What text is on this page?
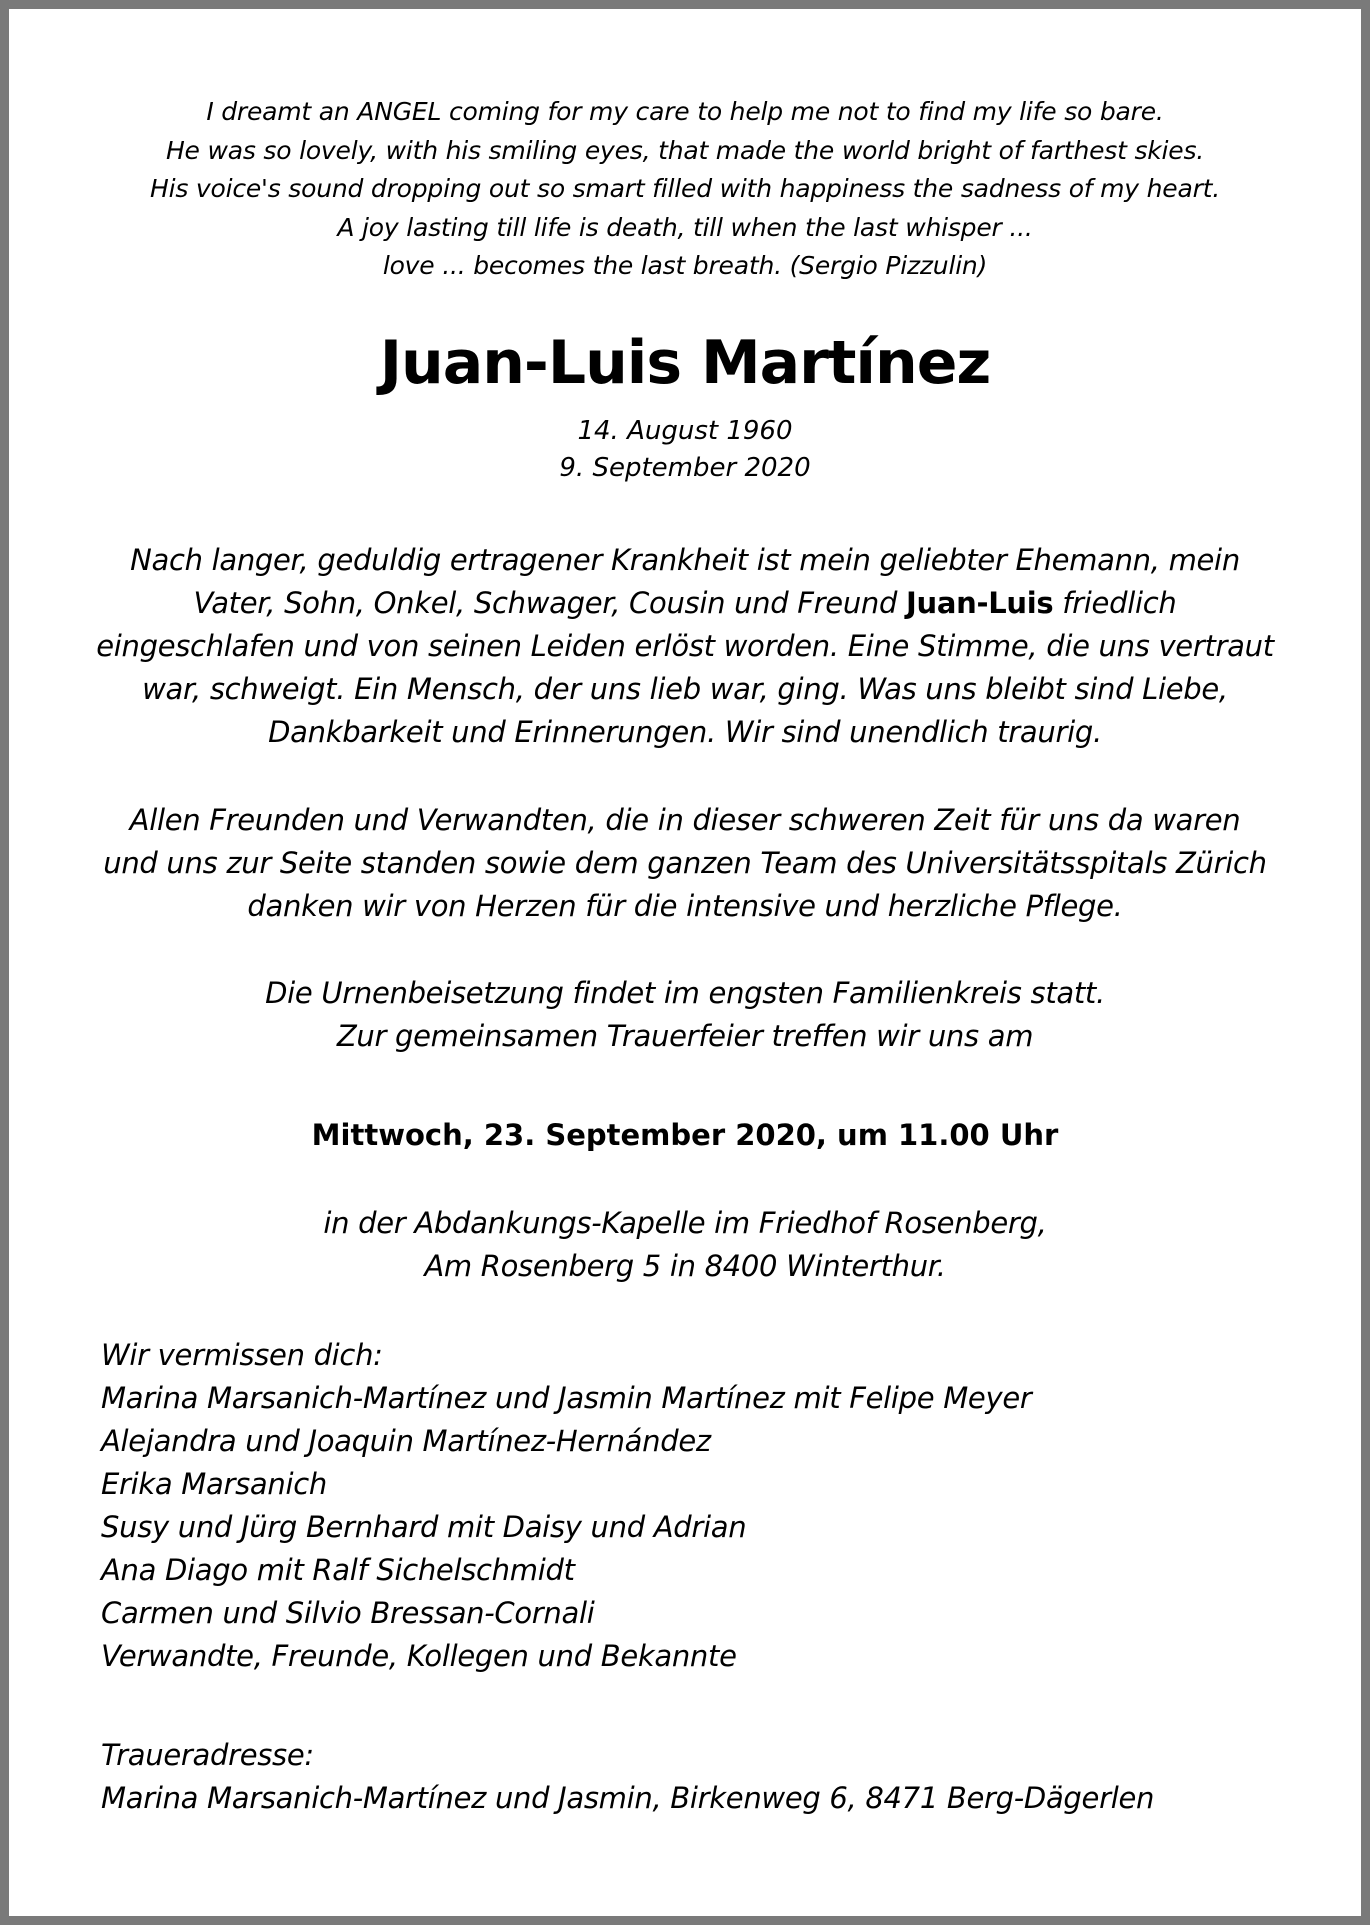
I dreamt an ANGEL coming for my care to help me not to find my life so bare.
He was so lovely, with his smiling eyes, that made the world bright of farthest skies.
His voice's sound dropping out so smart filled with happiness the sadness of my heart.
A joy lasting till life is death, till when the last whisper ...
love ... becomes the last breath. (Sergio Pizzulin)
Juan-Luis Martínez
14. August 1960
9. September 2020
Nach langer, geduldig ertragener Krankheit ist mein geliebter Ehemann, mein
Vater, Sohn, Onkel, Schwager, Cousin und Freund Juan-Luis friedlich
eingeschlafen und von seinen Leiden erlöst worden. Eine Stimme, die uns vertraut
war, schweigt. Ein Mensch, der uns lieb war, ging. Was uns bleibt sind Liebe,
Dankbarkeit und Erinnerungen. Wir sind unendlich traurig.
Allen Freunden und Verwandten, die in dieser schweren Zeit für uns da waren
und uns zur Seite standen sowie dem ganzen Team des Universitätsspitals Zürich
danken wir von Herzen für die intensive und herzliche Pflege.
Die Urnenbeisetzung findet im engsten Familienkreis statt.
Zur gemeinsamen Trauerfeier treffen wir uns am
Mittwoch, 23. September 2020, um 11.00 Uhr
in der Abdankungs-Kapelle im Friedhof Rosenberg,
Am Rosenberg 5 in 8400 Winterthur.
Wir vermissen dich:
Marina Marsanich-Martínez und Jasmin Martínez mit Felipe Meyer
Alejandra und Joaquin Martínez-Hernández
Erika Marsanich
Susy und Jürg Bernhard mit Daisy und Adrian
Ana Diago mit Ralf Sichelschmidt
Carmen und Silvio Bressan-Cornali
Verwandte, Freunde, Kollegen und Bekannte
Traueradresse:
Marina Marsanich-Martínez und Jasmin, Birkenweg 6, 8471 Berg-Dägerlen
